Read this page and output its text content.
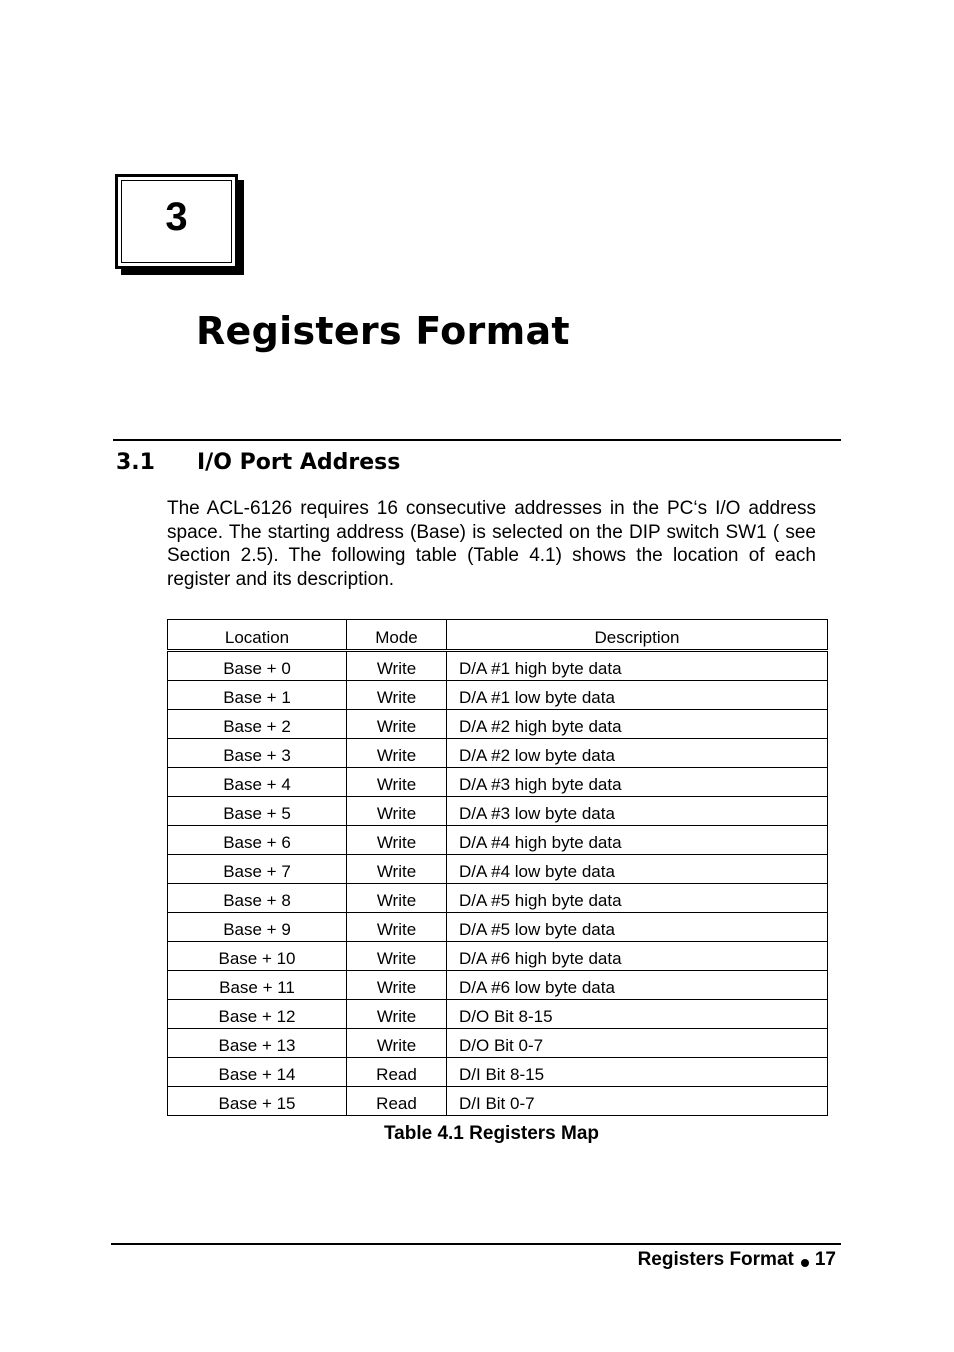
3
Registers Format
3.1 I/O Port Address
The ACL-6126 requires 16 consecutive addresses in the PC‘s I/O address space. The starting address (Base) is selected on the DIP switch SW1 ( see Section 2.5). The following table (Table 4.1) shows the location of each register and its description.
Location	Mode	Description
Base + 0	Write	D/A #1 high byte data
Base + 1	Write	D/A #1 low byte data
Base + 2	Write	D/A #2 high byte data
Base + 3	Write	D/A #2 low byte data
Base + 4	Write	D/A #3 high byte data
Base + 5	Write	D/A #3 low byte data
Base + 6	Write	D/A #4 high byte data
Base + 7	Write	D/A #4 low byte data
Base + 8	Write	D/A #5 high byte data
Base + 9	Write	D/A #5 low byte data
Base + 10	Write	D/A #6 high byte data
Base + 11	Write	D/A #6 low byte data
Base + 12	Write	D/O Bit 8-15
Base + 13	Write	D/O Bit 0-7
Base + 14	Read	D/I Bit 8-15
Base + 15	Read	D/I Bit 0-7
Table 4.1 Registers Map
Registers Format 17
